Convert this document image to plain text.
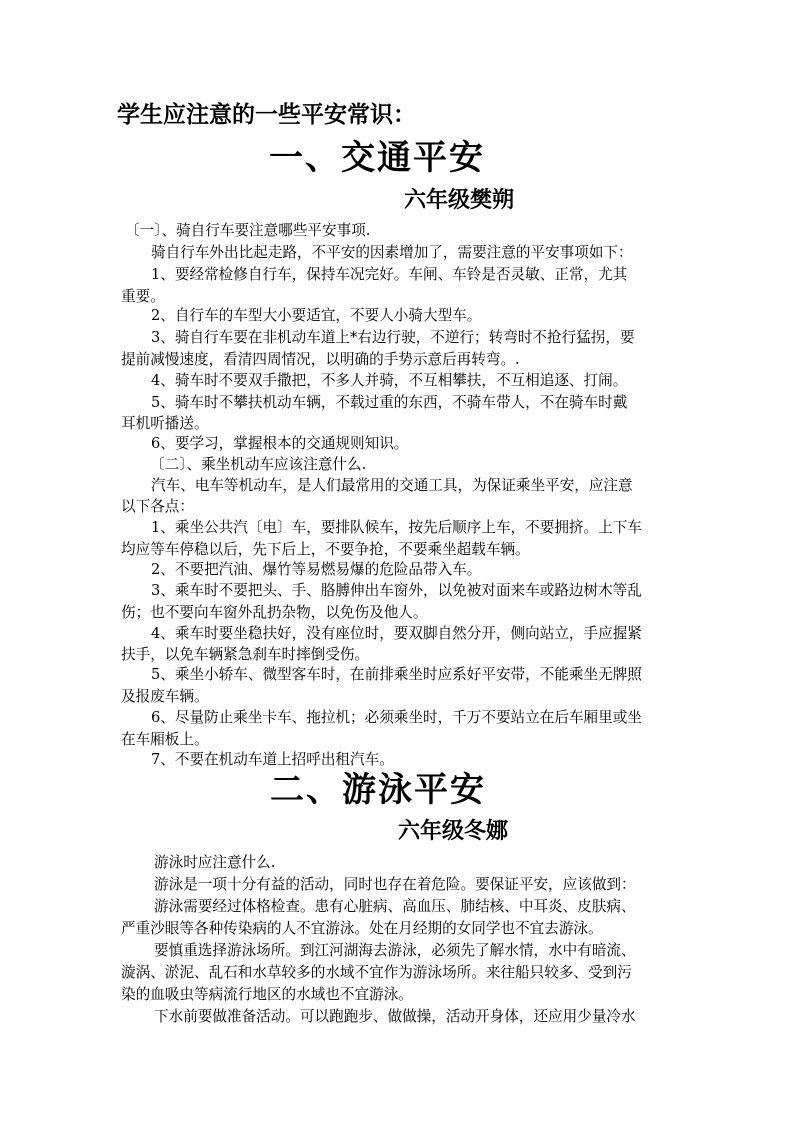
学生应注意的一些平安常识：
一、交通平安
六年级樊朔
〔一〕、骑自行车要注意哪些平安事项.
骑自行车外出比起走路，不平安的因素增加了，需要注意的平安事项如下：
1、要经常检修自行车，保持车况完好。车闸、车铃是否灵敏、正常，尤其
重要。
2、自行车的车型大小要适宜，不要人小骑大型车。
3、骑自行车要在非机动车道上*右边行驶，不逆行；转弯时不抢行猛拐，要
提前减慢速度，看清四周情况，以明确的手势示意后再转弯。.
4、骑车时不要双手撒把，不多人并骑，不互相攀扶，不互相追逐、打闹。
5、骑车时不攀扶机动车辆，不载过重的东西，不骑车带人，不在骑车时戴
耳机听播送。
6、要学习，掌握根本的交通规则知识。
〔二〕、乘坐机动车应该注意什么.
汽车、电车等机动车，是人们最常用的交通工具，为保证乘坐平安，应注意
以下各点：
1、乘坐公共汽〔电〕车，要排队候车，按先后顺序上车，不要拥挤。上下车
均应等车停稳以后，先下后上，不要争抢，不要乘坐超载车辆。
2、不要把汽油、爆竹等易燃易爆的危险品带入车。
3、乘车时不要把头、手、胳膊伸出车窗外，以免被对面来车或路边树木等乱
伤；也不要向车窗外乱扔杂物，以免伤及他人。
4、乘车时要坐稳扶好，没有座位时，要双脚自然分开，侧向站立，手应握紧
扶手，以免车辆紧急刹车时摔倒受伤。
5、乘坐小轿车、微型客车时，在前排乘坐时应系好平安带，不能乘坐无牌照
及报废车辆。
6、尽量防止乘坐卡车、拖拉机；必须乘坐时，千万不要站立在后车厢里或坐
在车厢板上。
7、不要在机动车道上招呼出租汽车。
二、游泳平安
六年级冬娜
游泳时应注意什么.
游泳是一项十分有益的活动，同时也存在着危险。要保证平安，应该做到：
游泳需要经过体格检查。患有心脏病、高血压、肺结核、中耳炎、皮肤病、
严重沙眼等各种传染病的人不宜游泳。处在月经期的女同学也不宜去游泳。
要慎重选择游泳场所。到江河湖海去游泳，必须先了解水情，水中有暗流、
漩涡、淤泥、乱石和水草较多的水域不宜作为游泳场所。来往船只较多、受到污
染的血吸虫等病流行地区的水域也不宜游泳。
下水前要做准备活动。可以跑跑步、做做操，活动开身体，还应用少量冷水
